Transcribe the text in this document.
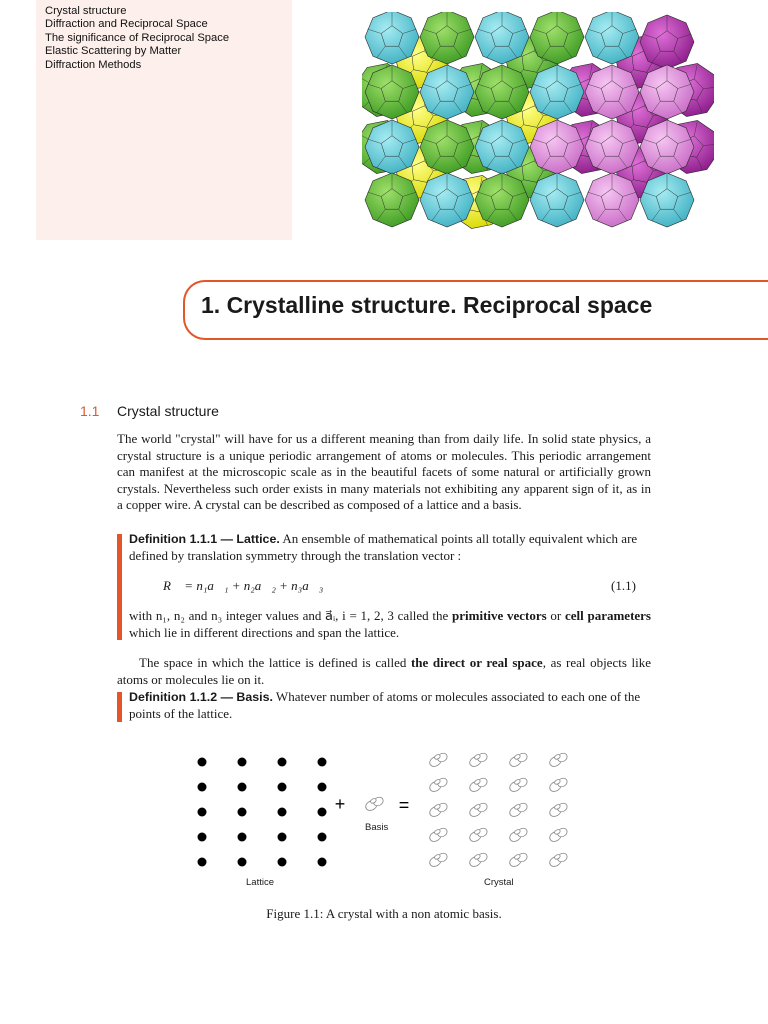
Crystal structure
Diffraction and Reciprocal Space
The significance of Reciprocal Space
Elastic Scattering by Matter
Diffraction Methods
1. Crystalline structure. Reciprocal space
1.1 Crystal structure
The world "crystal" will have for us a different meaning than from daily life. In solid state physics, a crystal structure is a unique periodic arrangement of atoms or molecules. This periodic arrangement can manifest at the microscopic scale as in the beautiful facets of some natural or artificially grown crystals. Nevertheless such order exists in many materials not exhibiting any apparent sign of it, as in a copper wire. A crystal can be described as composed of a lattice and a basis.
Definition 1.1.1 — Lattice. An ensemble of mathematical points all totally equivalent which are defined by translation symmetry through the translation vector :
R⃗ = n₁a⃗₁ + n₂a⃗₂ + n₃a⃗₃	(1.1)
with n₁, n₂ and n₃ integer values and a⃗ᵢ, i = 1, 2, 3 called the primitive vectors or cell parameters which lie in different directions and span the lattice.
The space in which the lattice is defined is called the direct or real space, as real objects like atoms or molecules lie on it.
Definition 1.1.2 — Basis. Whatever number of atoms or molecules associated to each one of the points of the lattice.
+	=
Basis
Lattice	Crystal
Figure 1.1: A crystal with a non atomic basis.
